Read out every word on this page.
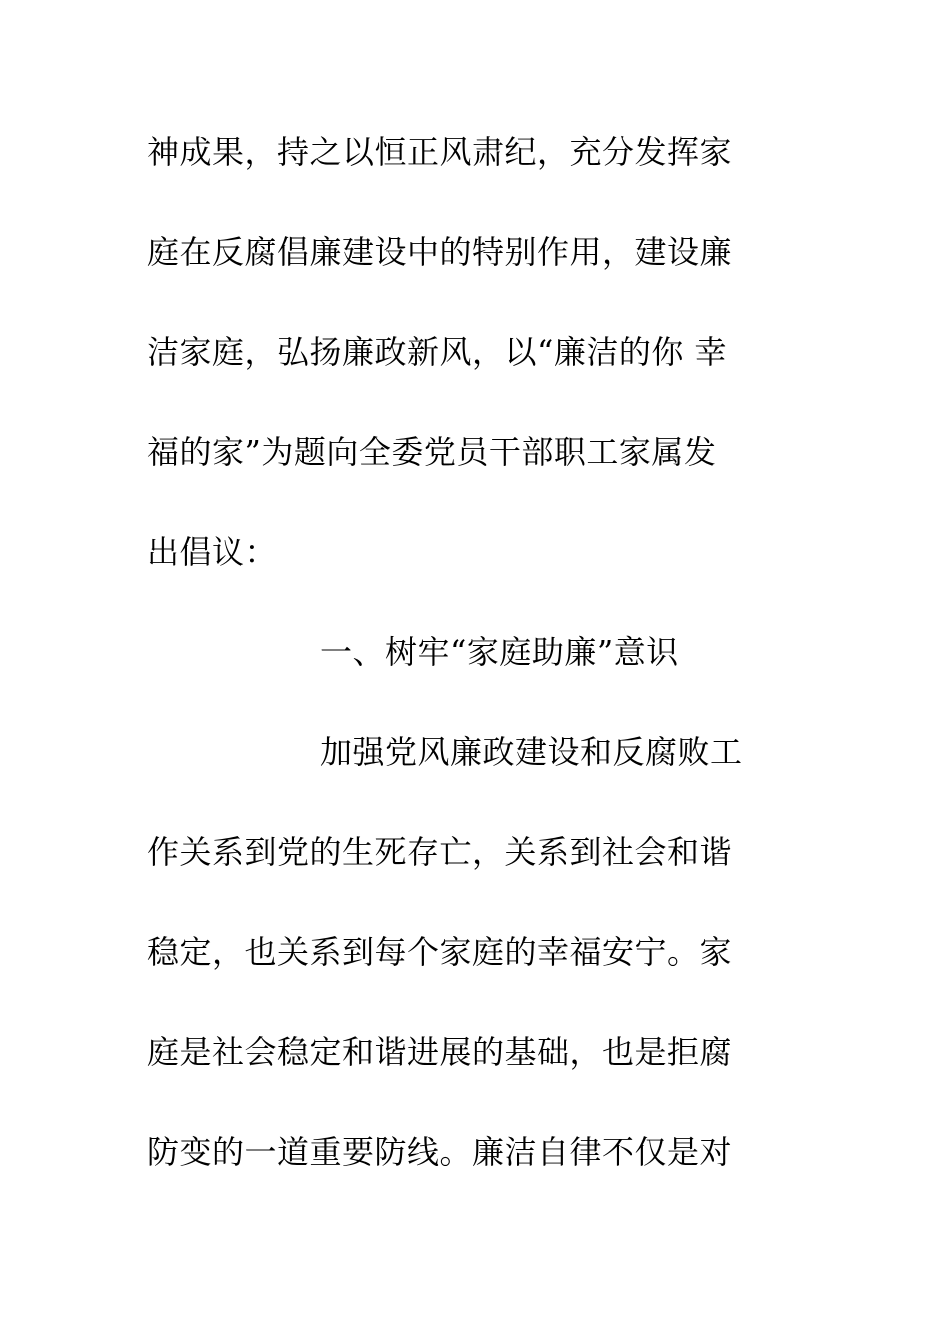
神成果，持之以恒正风肃纪，充分发挥家
庭在反腐倡廉建设中的特别作用，建设廉
洁家庭，弘扬廉政新风，以“廉洁的你 幸
福的家”为题向全委党员干部职工家属发
出倡议：
一、树牢“家庭助廉”意识
加强党风廉政建设和反腐败工
作关系到党的生死存亡，关系到社会和谐
稳定，也关系到每个家庭的幸福安宁。家
庭是社会稳定和谐进展的基础，也是拒腐
防变的一道重要防线。廉洁自律不仅是对
